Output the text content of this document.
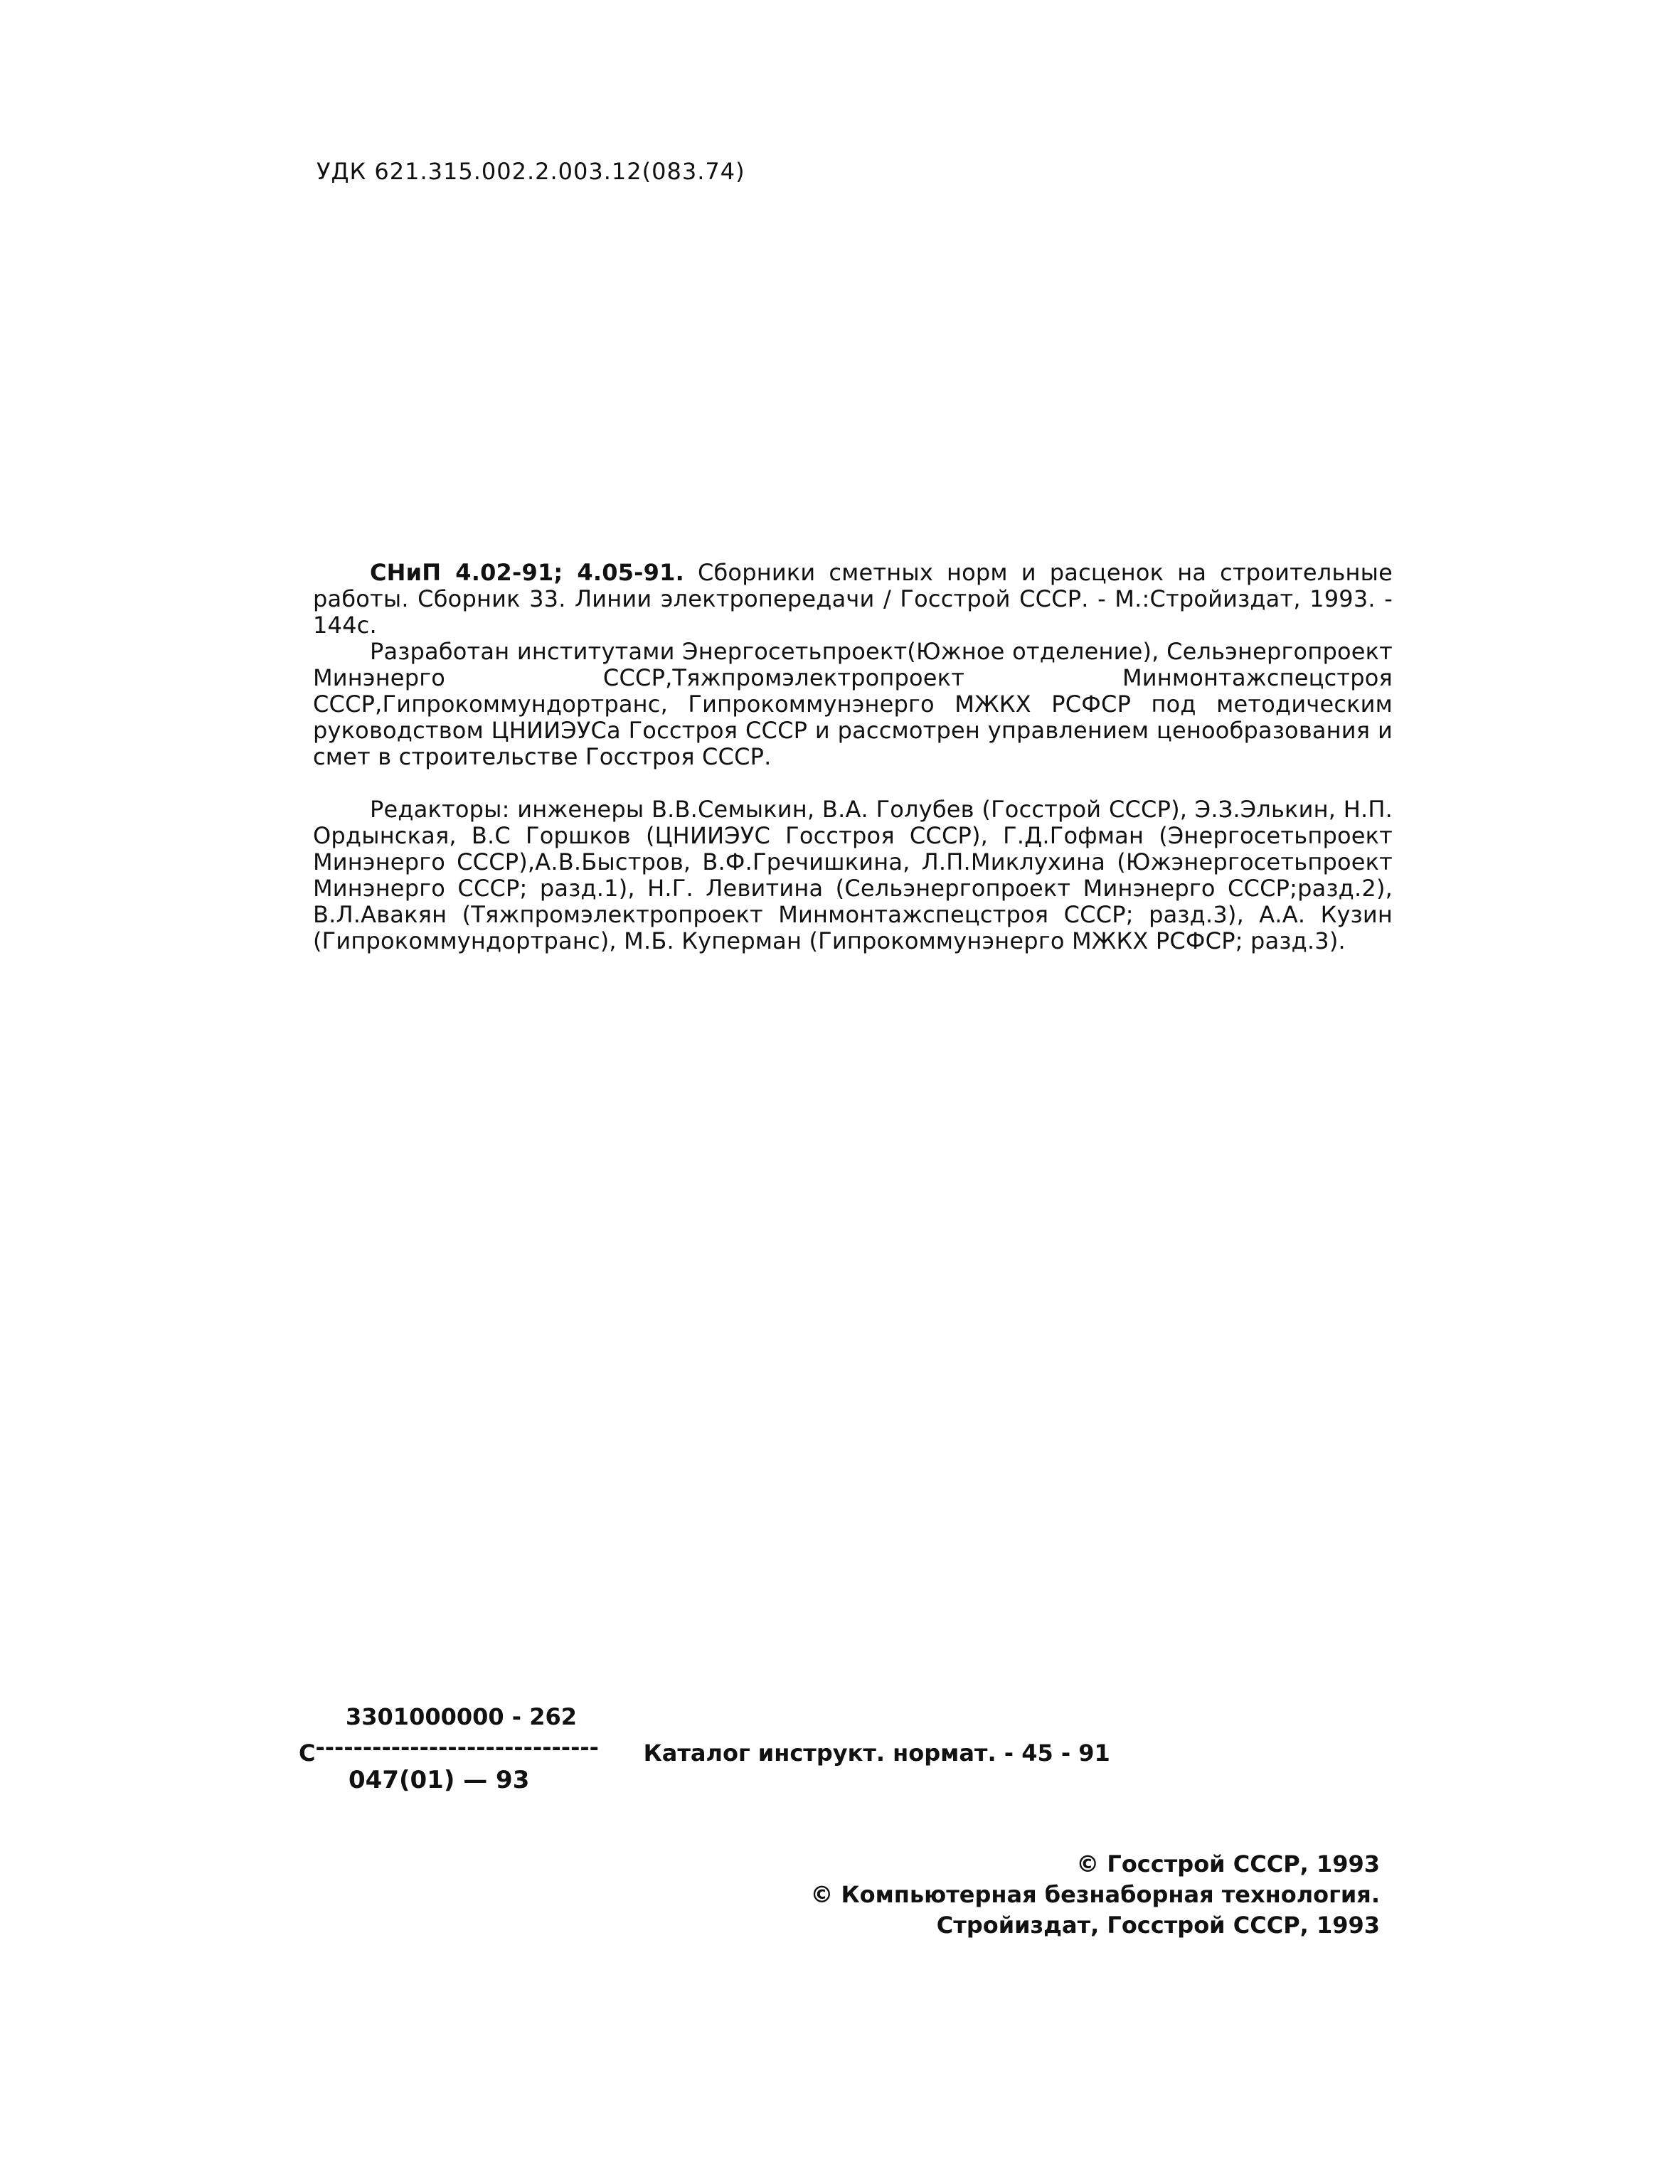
УДК 621.315.002.2.003.12(083.74)

СНиП 4.02-91; 4.05-91. Сборники сметных норм и расценок на строительные работы. Сборник 33. Линии электропередачи / Госстрой СССР. - М.:Стройиздат, 1993. - 144с.

Разработан институтами Энергосетьпроект(Южное отделение), Сельэнергопроект Минэнерго СССР,Тяжпромэлектропроект Минмонтажспецстроя СССР,Гипрокоммундортранс, Гипрокоммунэнерго МЖКХ РСФСР под методическим руководством ЦНИИЭУСа Госстроя СССР и рассмотрен управлением ценообразования и смет в строительстве Госстроя СССР.

Редакторы: инженеры В.В.Семыкин, В.А. Голубев (Госстрой СССР), Э.З.Элькин, Н.П. Ордынская, В.С Горшков (ЦНИИЭУС Госстроя СССР), Г.Д.Гофман (Энергосетьпроект Минэнерго СССР),А.В.Быстров, В.Ф.Гречишкина, Л.П.Миклухина (Южэнергосетьпроект Минэнерго СССР; разд.1), Н.Г. Левитина (Сельэнергопроект Минэнерго СССР;разд.2), В.Л.Авакян (Тяжпромэлектропроект Минмонтажспецстроя СССР; разд.3), А.А. Кузин (Гипрокоммундортранс), М.Б. Куперман (Гипрокоммунэнерго МЖКХ РСФСР; разд.3).

3301000000 - 262
С------------------------------ Каталог инструкт. нормат. - 45 - 91
047(01) — 93
© Госстрой СССР, 1993
© Компьютерная безнаборная технология.
Стройиздат, Госстрой СССР, 1993
